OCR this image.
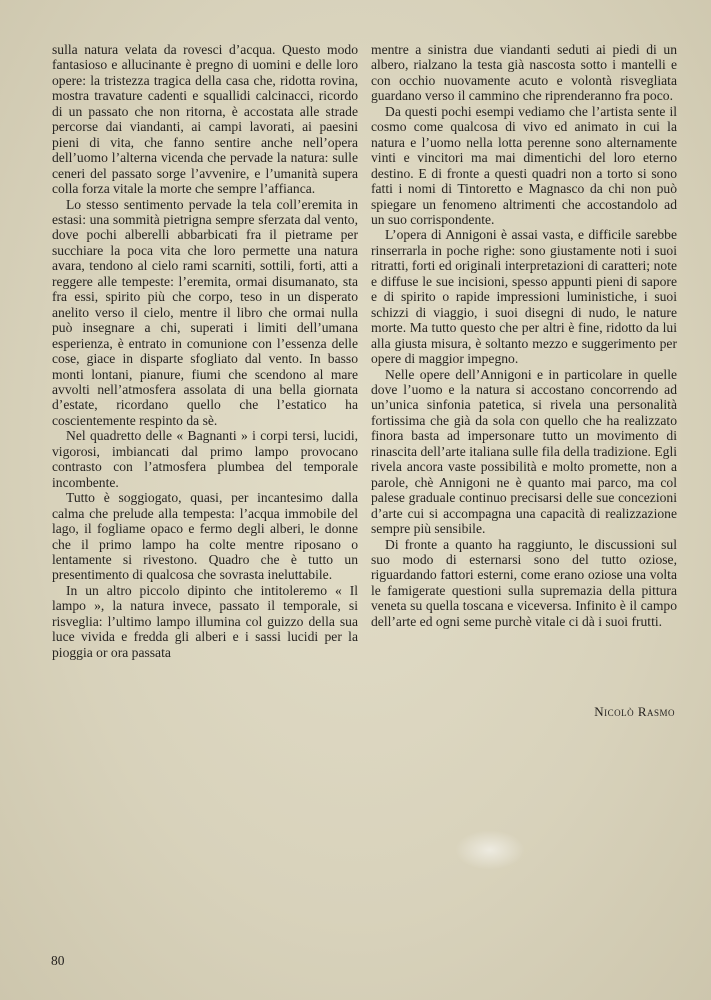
sulla natura velata da rovesci d’acqua. Questo modo fantasioso e allucinante è pregno di uomini e delle loro opere: la tristezza tragica della casa che, ridotta rovina, mostra travature cadenti e squallidi calcinacci, ricordo di un passato che non ritorna, è accostata alle strade percorse dai viandanti, ai campi lavorati, ai paesini pieni di vita, che fanno sentire anche nell’opera dell’uomo l’alterna vicenda che pervade la natura: sulle ceneri del passato sorge l’avvenire, e l’umanità supera colla forza vitale la morte che sempre l’affianca.

Lo stesso sentimento pervade la tela coll’eremita in estasi: una sommità pietrigna sempre sferzata dal vento, dove pochi alberelli abbarbicati fra il pietrame per succhiare la poca vita che loro permette una natura avara, tendono al cielo rami scarniti, sottili, forti, atti a reggere alle tempeste: l’eremita, ormai disumanato, sta fra essi, spirito più che corpo, teso in un disperato anelito verso il cielo, mentre il libro che ormai nulla può insegnare a chi, superati i limiti dell’umana esperienza, è entrato in comunione con l’essenza delle cose, giace in disparte sfogliato dal vento. In basso monti lontani, pianure, fiumi che scendono al mare avvolti nell’atmosfera assolata di una bella giornata d’estate, ricordano quello che l’estatico ha coscientemente respinto da sè.

Nel quadretto delle « Bagnanti » i corpi tersi, lucidi, vigorosi, imbiancati dal primo lampo provocano contrasto con l’atmosfera plumbea del temporale incombente.

Tutto è soggiogato, quasi, per incantesimo dalla calma che prelude alla tempesta: l’acqua immobile del lago, il fogliame opaco e fermo degli alberi, le donne che il primo lampo ha colte mentre riposano o lentamente si rivestono. Quadro che è tutto un presentimento di qualcosa che sovrasta ineluttabile.

In un altro piccolo dipinto che intitoleremo « Il lampo », la natura invece, passato il temporale, si risveglia: l’ultimo lampo illumina col guizzo della sua luce vivida e fredda gli alberi e i sassi lucidi per la pioggia or ora passata

mentre a sinistra due viandanti seduti ai piedi di un albero, rialzano la testa già nascosta sotto i mantelli e con occhio nuovamente acuto e volontà risvegliata guardano verso il cammino che riprenderanno fra poco.

Da questi pochi esempi vediamo che l’artista sente il cosmo come qualcosa di vivo ed animato in cui la natura e l’uomo nella lotta perenne sono alternamente vinti e vincitori ma mai dimentichi del loro eterno destino. E di fronte a questi quadri non a torto si sono fatti i nomi di Tintoretto e Magnasco da chi non può spiegare un fenomeno altrimenti che accostandolo ad un suo corrispondente.

L’opera di Annigoni è assai vasta, e difficile sarebbe rinserrarla in poche righe: sono giustamente noti i suoi ritratti, forti ed originali interpretazioni di caratteri; note e diffuse le sue incisioni, spesso appunti pieni di sapore e di spirito o rapide impressioni luministiche, i suoi schizzi di viaggio, i suoi disegni di nudo, le nature morte. Ma tutto questo che per altri è fine, ridotto da lui alla giusta misura, è soltanto mezzo e suggerimento per opere di maggior impegno.

Nelle opere dell’Annigoni e in particolare in quelle dove l’uomo e la natura si accostano concorrendo ad un’unica sinfonia patetica, si rivela una personalità fortissima che già da sola con quello che ha realizzato finora basta ad impersonare tutto un movimento di rinascita dell’arte italiana sulle fila della tradizione. Egli rivela ancora vaste possibilità e molto promette, non a parole, chè Annigoni ne è quanto mai parco, ma col palese graduale continuo precisarsi delle sue concezioni d’arte cui si accompagna una capacità di realizzazione sempre più sensibile.

Di fronte a quanto ha raggiunto, le discussioni sul suo modo di esternarsi sono del tutto oziose, riguardando fattori esterni, come erano oziose una volta le famigerate questioni sulla supremazia della pittura veneta su quella toscana e viceversa. Infinito è il campo dell’arte ed ogni seme purchè vitale ci dà i suoi frutti.

Nicolò Rasmo
80
